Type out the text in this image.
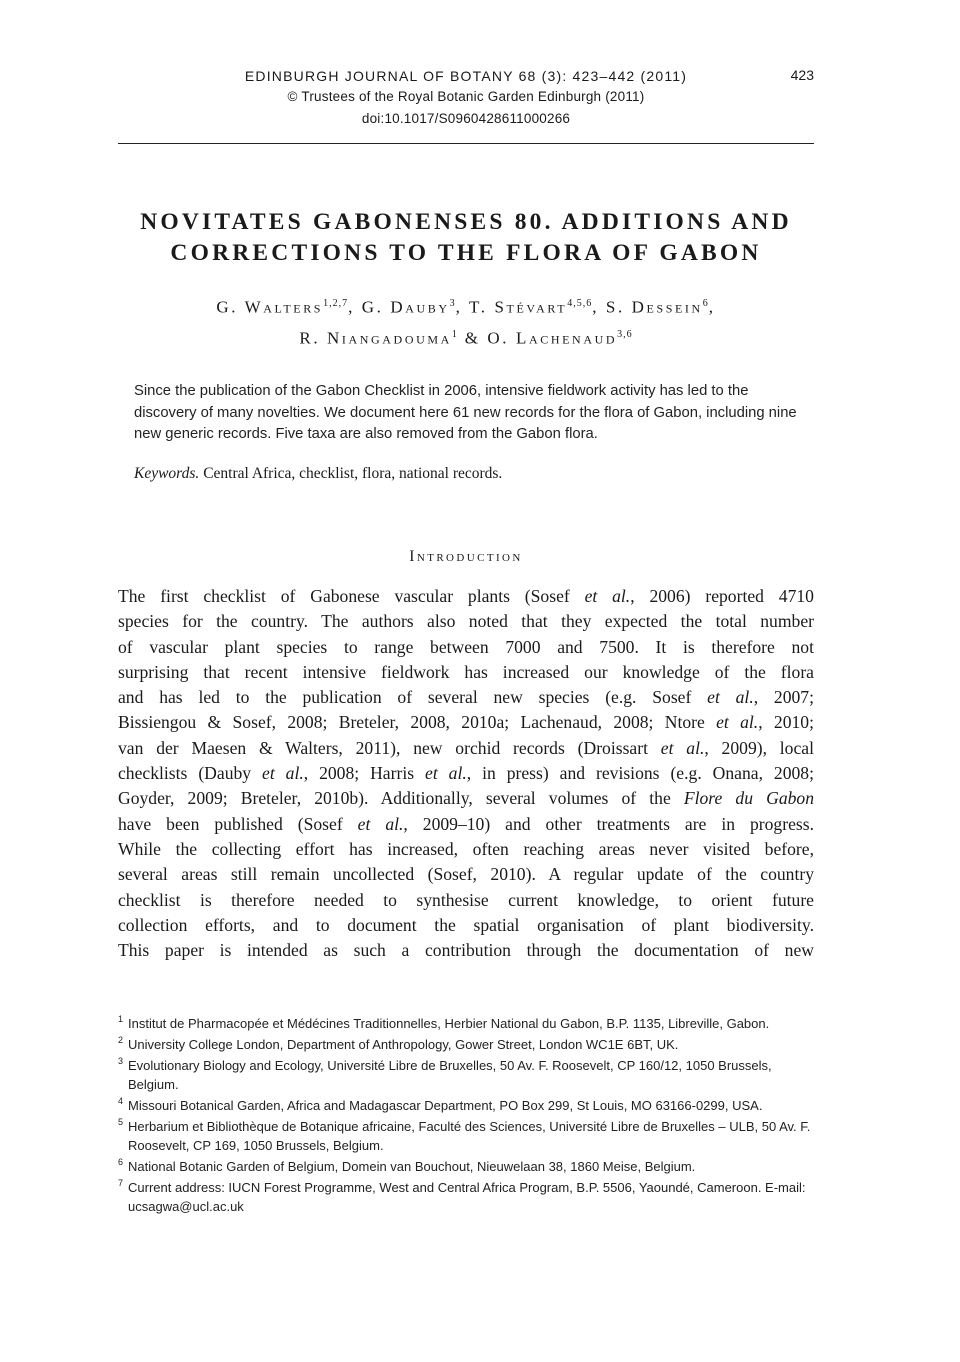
EDINBURGH JOURNAL OF BOTANY 68 (3): 423–442 (2011)
© Trustees of the Royal Botanic Garden Edinburgh (2011)
doi:10.1017/S0960428611000266
423
NOVITATES GABONENSES 80. ADDITIONS AND
CORRECTIONS TO THE FLORA OF GABON
G. Walters$^{1,2,7}$, G. Dauby$^3$, T. Stévart$^{4,5,6}$, S. Dessein$^6$,
R. Niangadouma$^1$ & O. Lachenaud$^{3,6}$
Since the publication of the Gabon Checklist in 2006, intensive fieldwork activity has led to the discovery of many novelties. We document here 61 new records for the flora of Gabon, including nine new generic records. Five taxa are also removed from the Gabon flora.
Keywords. Central Africa, checklist, flora, national records.
Introduction
The first checklist of Gabonese vascular plants (Sosef et al., 2006) reported 4710
species for the country. The authors also noted that they expected the total number
of vascular plant species to range between 7000 and 7500. It is therefore not
surprising that recent intensive fieldwork has increased our knowledge of the flora
and has led to the publication of several new species (e.g. Sosef et al., 2007;
Bissiengou & Sosef, 2008; Breteler, 2008, 2010a; Lachenaud, 2008; Ntore et al., 2010;
van der Maesen & Walters, 2011), new orchid records (Droissart et al., 2009), local
checklists (Dauby et al., 2008; Harris et al., in press) and revisions (e.g. Onana, 2008;
Goyder, 2009; Breteler, 2010b). Additionally, several volumes of the Flore du Gabon
have been published (Sosef et al., 2009–10) and other treatments are in progress.
While the collecting effort has increased, often reaching areas never visited before,
several areas still remain uncollected (Sosef, 2010). A regular update of the country
checklist is therefore needed to synthesise current knowledge, to orient future
collection efforts, and to document the spatial organisation of plant biodiversity.
This paper is intended as such a contribution through the documentation of new
1 Institut de Pharmacopée et Médécines Traditionnelles, Herbier National du Gabon, B.P. 1135, Libreville, Gabon.
2 University College London, Department of Anthropology, Gower Street, London WC1E 6BT, UK.
3 Evolutionary Biology and Ecology, Université Libre de Bruxelles, 50 Av. F. Roosevelt, CP 160/12, 1050 Brussels, Belgium.
4 Missouri Botanical Garden, Africa and Madagascar Department, PO Box 299, St Louis, MO 63166-0299, USA.
5 Herbarium et Bibliothèque de Botanique africaine, Faculté des Sciences, Université Libre de Bruxelles – ULB, 50 Av. F. Roosevelt, CP 169, 1050 Brussels, Belgium.
6 National Botanic Garden of Belgium, Domein van Bouchout, Nieuwelaan 38, 1860 Meise, Belgium.
7 Current address: IUCN Forest Programme, West and Central Africa Program, B.P. 5506, Yaoundé, Cameroon. E-mail: ucsagwa@ucl.ac.uk
